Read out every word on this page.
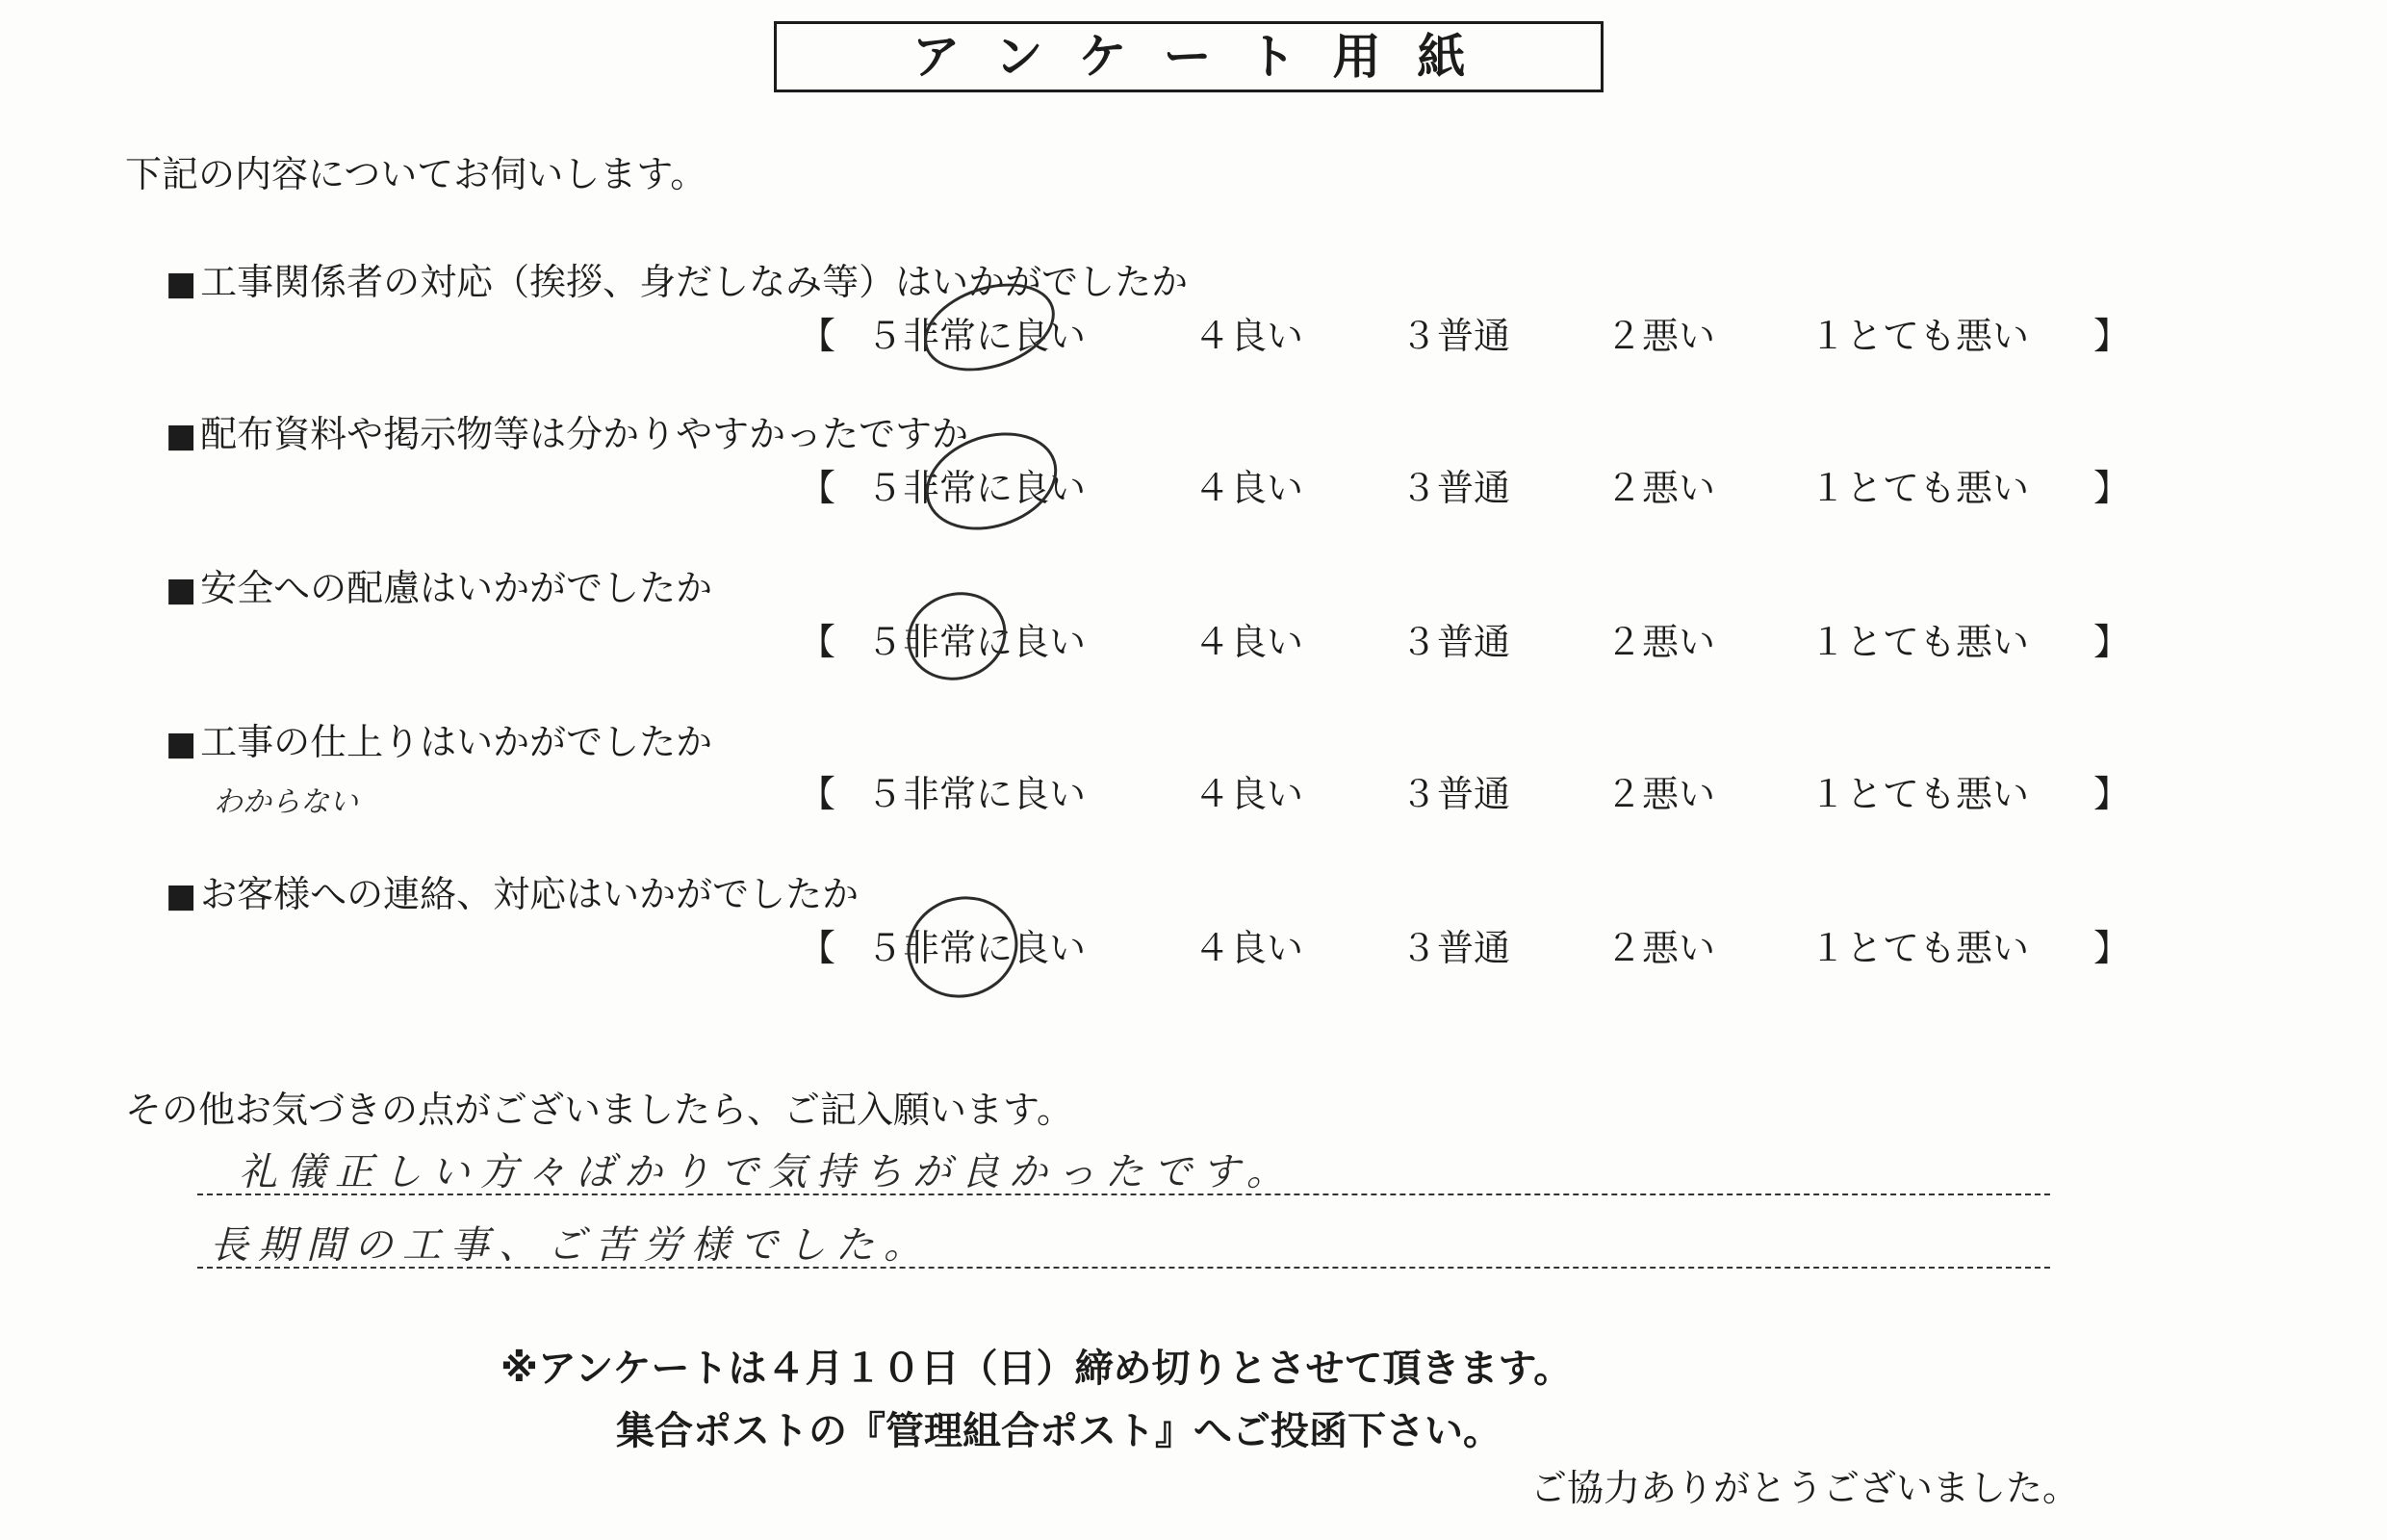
アンケート用紙
下記の内容についてお伺いします。
■ 工事関係者の対応（挨拶、身だしなみ等）はいかがでしたか
【 ５非常に良い	４良い	３普通	２悪い	１とても悪い 】
■ 配布資料や掲示物等は分かりやすかったですか
【 ５非常に良い	４良い	３普通	２悪い	１とても悪い 】
■ 安全への配慮はいかがでしたか
【 ５非常に良い	４良い	３普通	２悪い	１とても悪い 】
■ 工事の仕上りはいかがでしたか
わからない	【 ５非常に良い	４良い	３普通	２悪い	１とても悪い 】
■ お客様への連絡、対応はいかがでしたか
【 ５非常に良い	４良い	３普通	２悪い	１とても悪い 】
その他お気づきの点がございましたら、ご記入願います。
礼儀正しい方々ばかりで気持ちが良かったです。
長期間の工事、ご苦労様でした。
※アンケートは４月１０日（日）締め切りとさせて頂きます。
集合ポストの『管理組合ポスト』へご投函下さい。
ご協力ありがとうございました。
